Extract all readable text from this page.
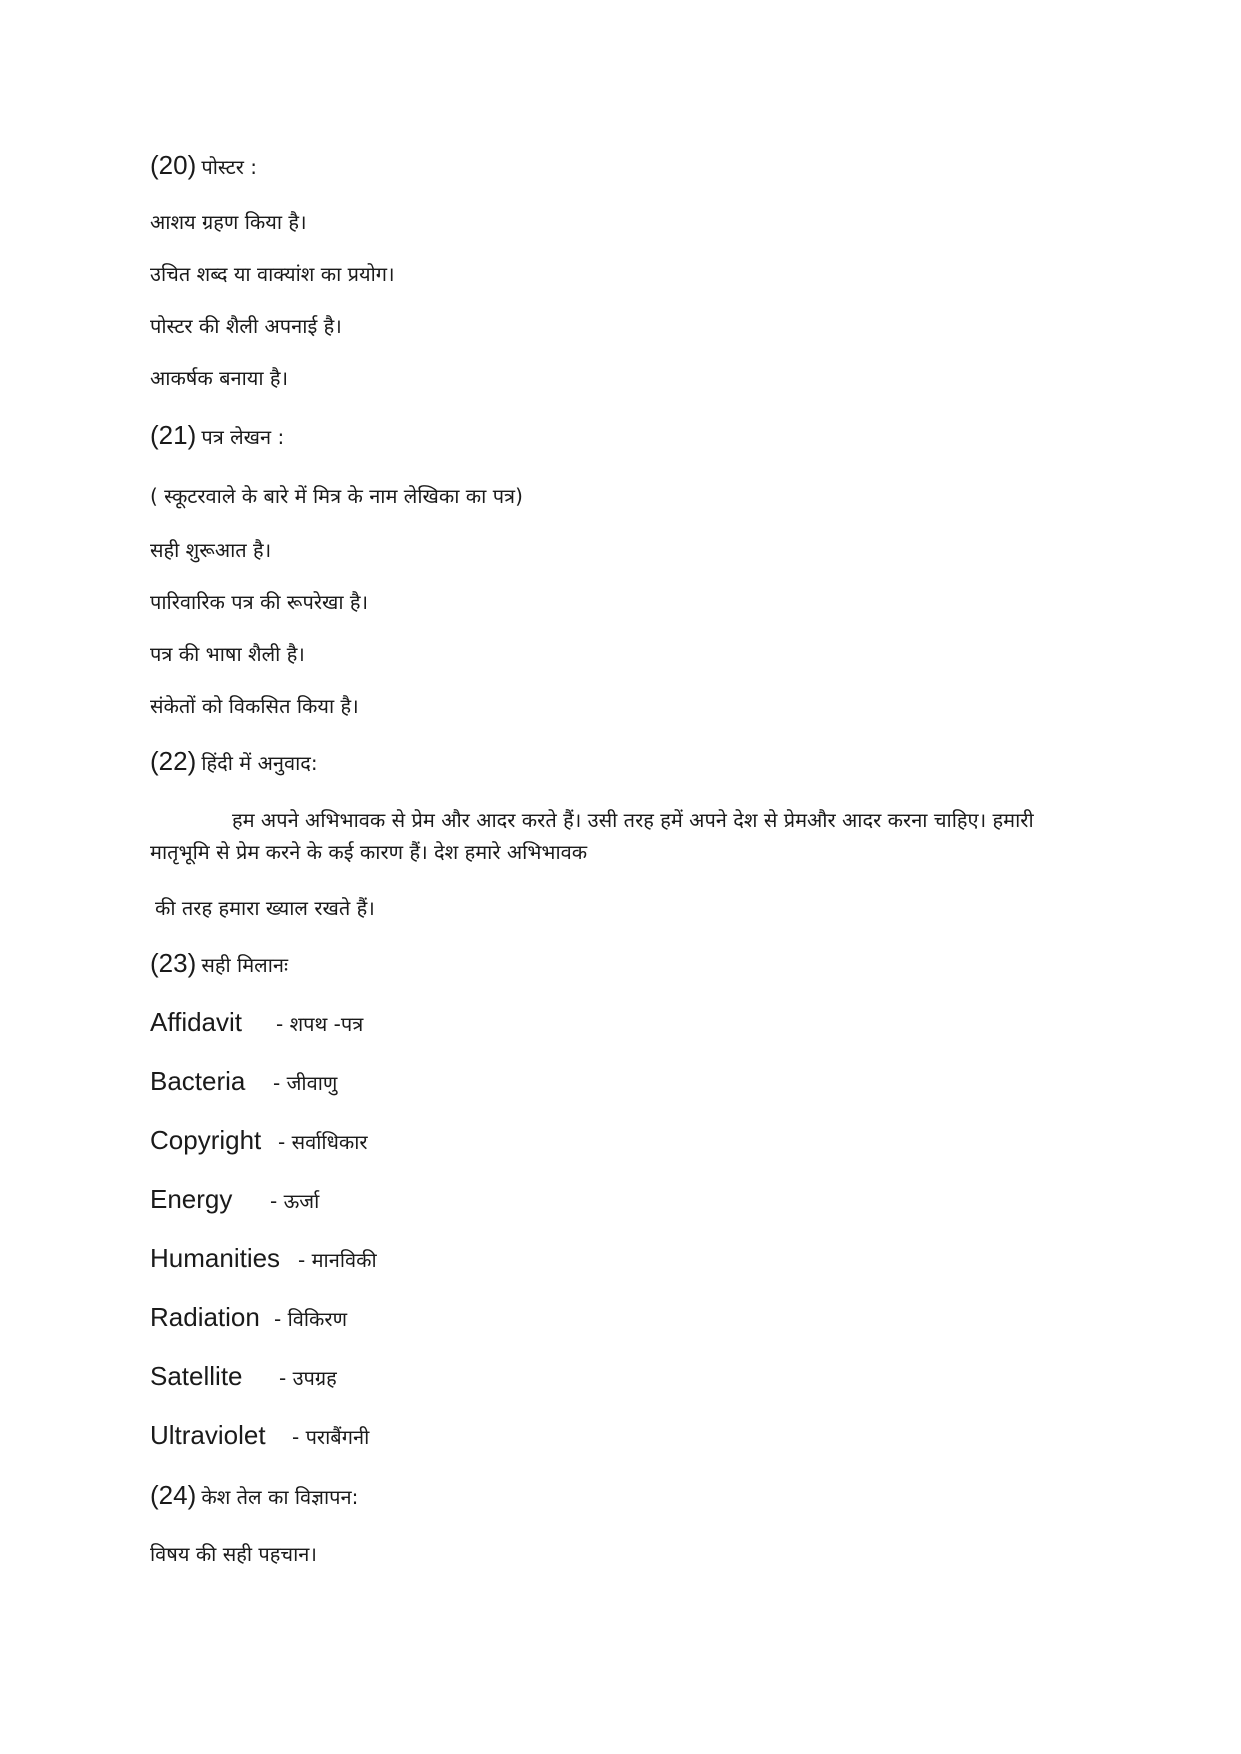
(20) पोस्टर :
आशय ग्रहण किया है।
उचित शब्द या वाक्यांश का प्रयोग।
पोस्टर की शैली अपनाई है।
आकर्षक बनाया है।
(21) पत्र लेखन :
( स्कूटरवाले के बारे में मित्र के नाम लेखिका का पत्र)
सही शुरूआत है।
पारिवारिक पत्र की रूपरेखा है।
पत्र की भाषा शैली है।
संकेतों को विकसित किया है।
(22) हिंदी में अनुवाद:
हम अपने अभिभावक से प्रेम और आदर करते हैं। उसी तरह हमें अपने देश से प्रेमऔर आदर करना चाहिए। हमारी
मातृभूमि से प्रेम करने के कई कारण हैं। देश हमारे अभिभावक
की तरह हमारा ख्याल रखते हैं।
(23) सही मिलानः
Affidavit - शपथ -पत्र
Bacteria - जीवाणु
Copyright - सर्वाधिकार
Energy - ऊर्जा
Humanities - मानविकी
Radiation - विकिरण
Satellite - उपग्रह
Ultraviolet - पराबैंगनी
(24) केश तेल का विज्ञापन:
विषय की सही पहचान।
